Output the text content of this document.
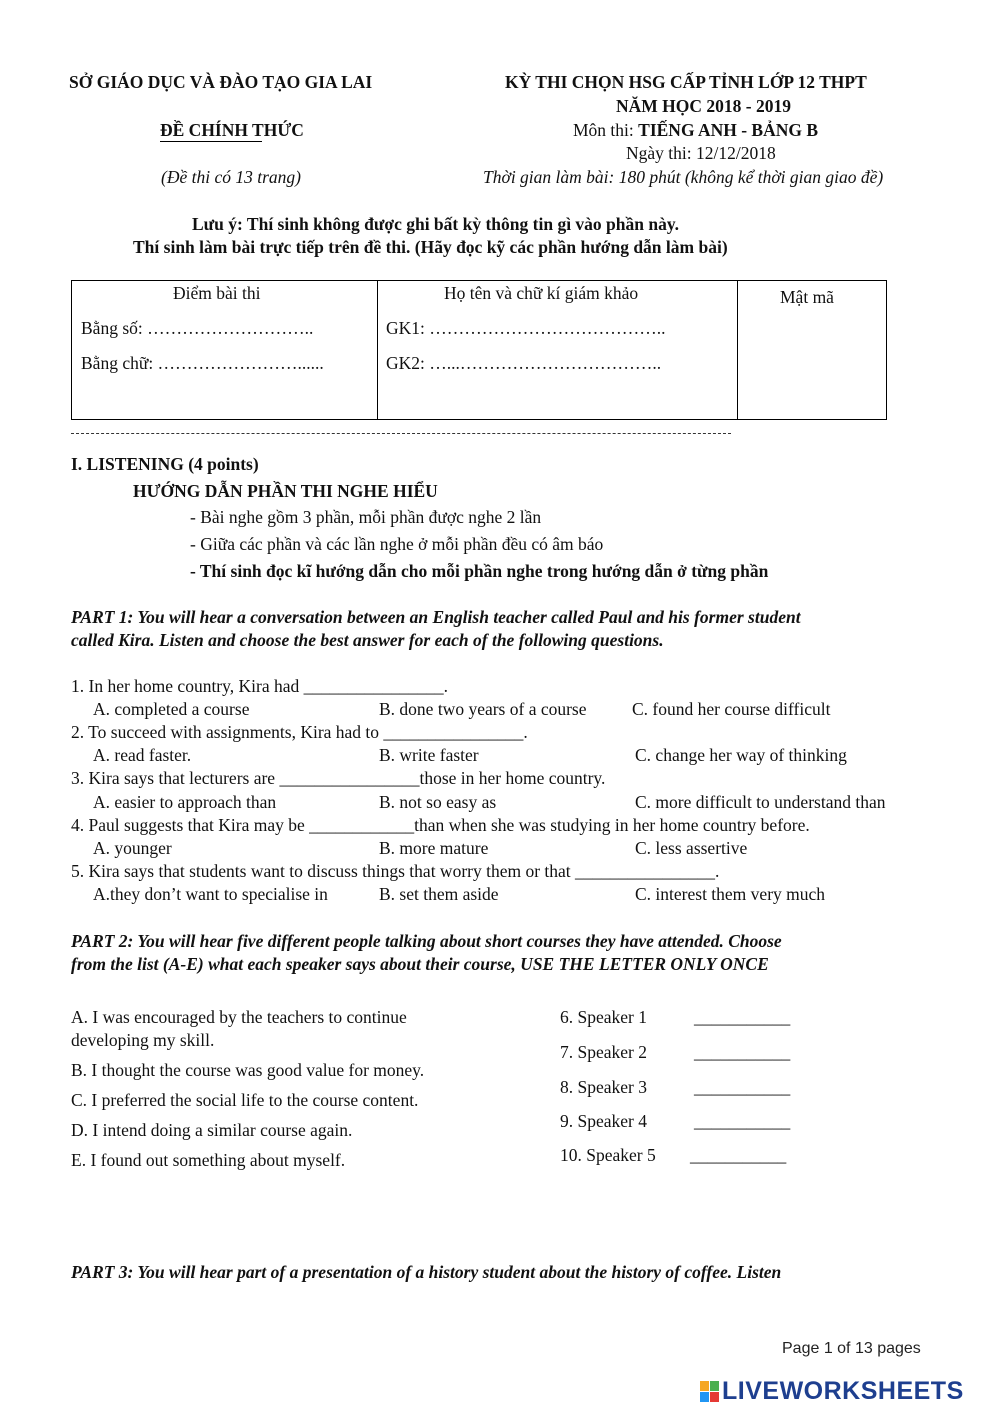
SỞ GIÁO DỤC VÀ ĐÀO TẠO GIA LAI	KỲ THI CHỌN HSG CẤP TỈNH LỚP 12 THPT
NĂM HỌC 2018 - 2019
ĐỀ CHÍNH THỨC	Môn thi: TIẾNG ANH - BẢNG B
Ngày thi: 12/12/2018
(Đề thi có 13 trang)	Thời gian làm bài: 180 phút (không kể thời gian giao đề)
Lưu ý: Thí sinh không được ghi bất kỳ thông tin gì vào phần này.
Thí sinh làm bài trực tiếp trên đề thi. (Hãy đọc kỹ các phần hướng dẫn làm bài)
Điểm bài thi
Bằng số: ………………………..
Bằng chữ: ……………………......
Họ tên và chữ kí giám khảo
GK1: …………………………………..
GK2: …...……………………………..
Mật mã
I. LISTENING (4 points)
HƯỚNG DẪN PHẦN THI NGHE HIỂU
- Bài nghe gồm 3 phần, mỗi phần được nghe 2 lần
- Giữa các phần và các lần nghe ở mỗi phần đều có âm báo
- Thí sinh đọc kĩ hướng dẫn cho mỗi phần nghe trong hướng dẫn ở từng phần
PART 1: You will hear a conversation between an English teacher called Paul and his former student
called Kira. Listen and choose the best answer for each of the following questions.
1. In her home country, Kira had ________________.
A. completed a course	B. done two years of a course	C. found her course difficult
2. To succeed with assignments, Kira had to ________________.
A. read faster.	B. write faster	C. change her way of thinking
3. Kira says that lecturers are ________________those in her home country.
A. easier to approach than	B. not so easy as	C. more difficult to understand than
4. Paul suggests that Kira may be ____________than when she was studying in her home country before.
A. younger	B. more mature	C. less assertive
5. Kira says that students want to discuss things that worry them or that ________________.
A.they don’t want to specialise in	B. set them aside	C. interest them very much
PART 2: You will hear five different people talking about short courses they have attended. Choose
from the list (A-E) what each speaker says about their course, USE THE LETTER ONLY ONCE
A. I was encouraged by the teachers to continue
developing my skill.
B. I thought the course was good value for money.
C. I preferred the social life to the course content.
D. I intend doing a similar course again.
E. I found out something about myself.
6. Speaker 1	___________
7. Speaker 2	___________
8. Speaker 3	___________
9. Speaker 4	___________
10. Speaker 5 ___________
PART 3: You will hear part of a presentation of a history student about the history of coffee. Listen
Page 1 of 13 pages
LIVEWORKSHEETS
